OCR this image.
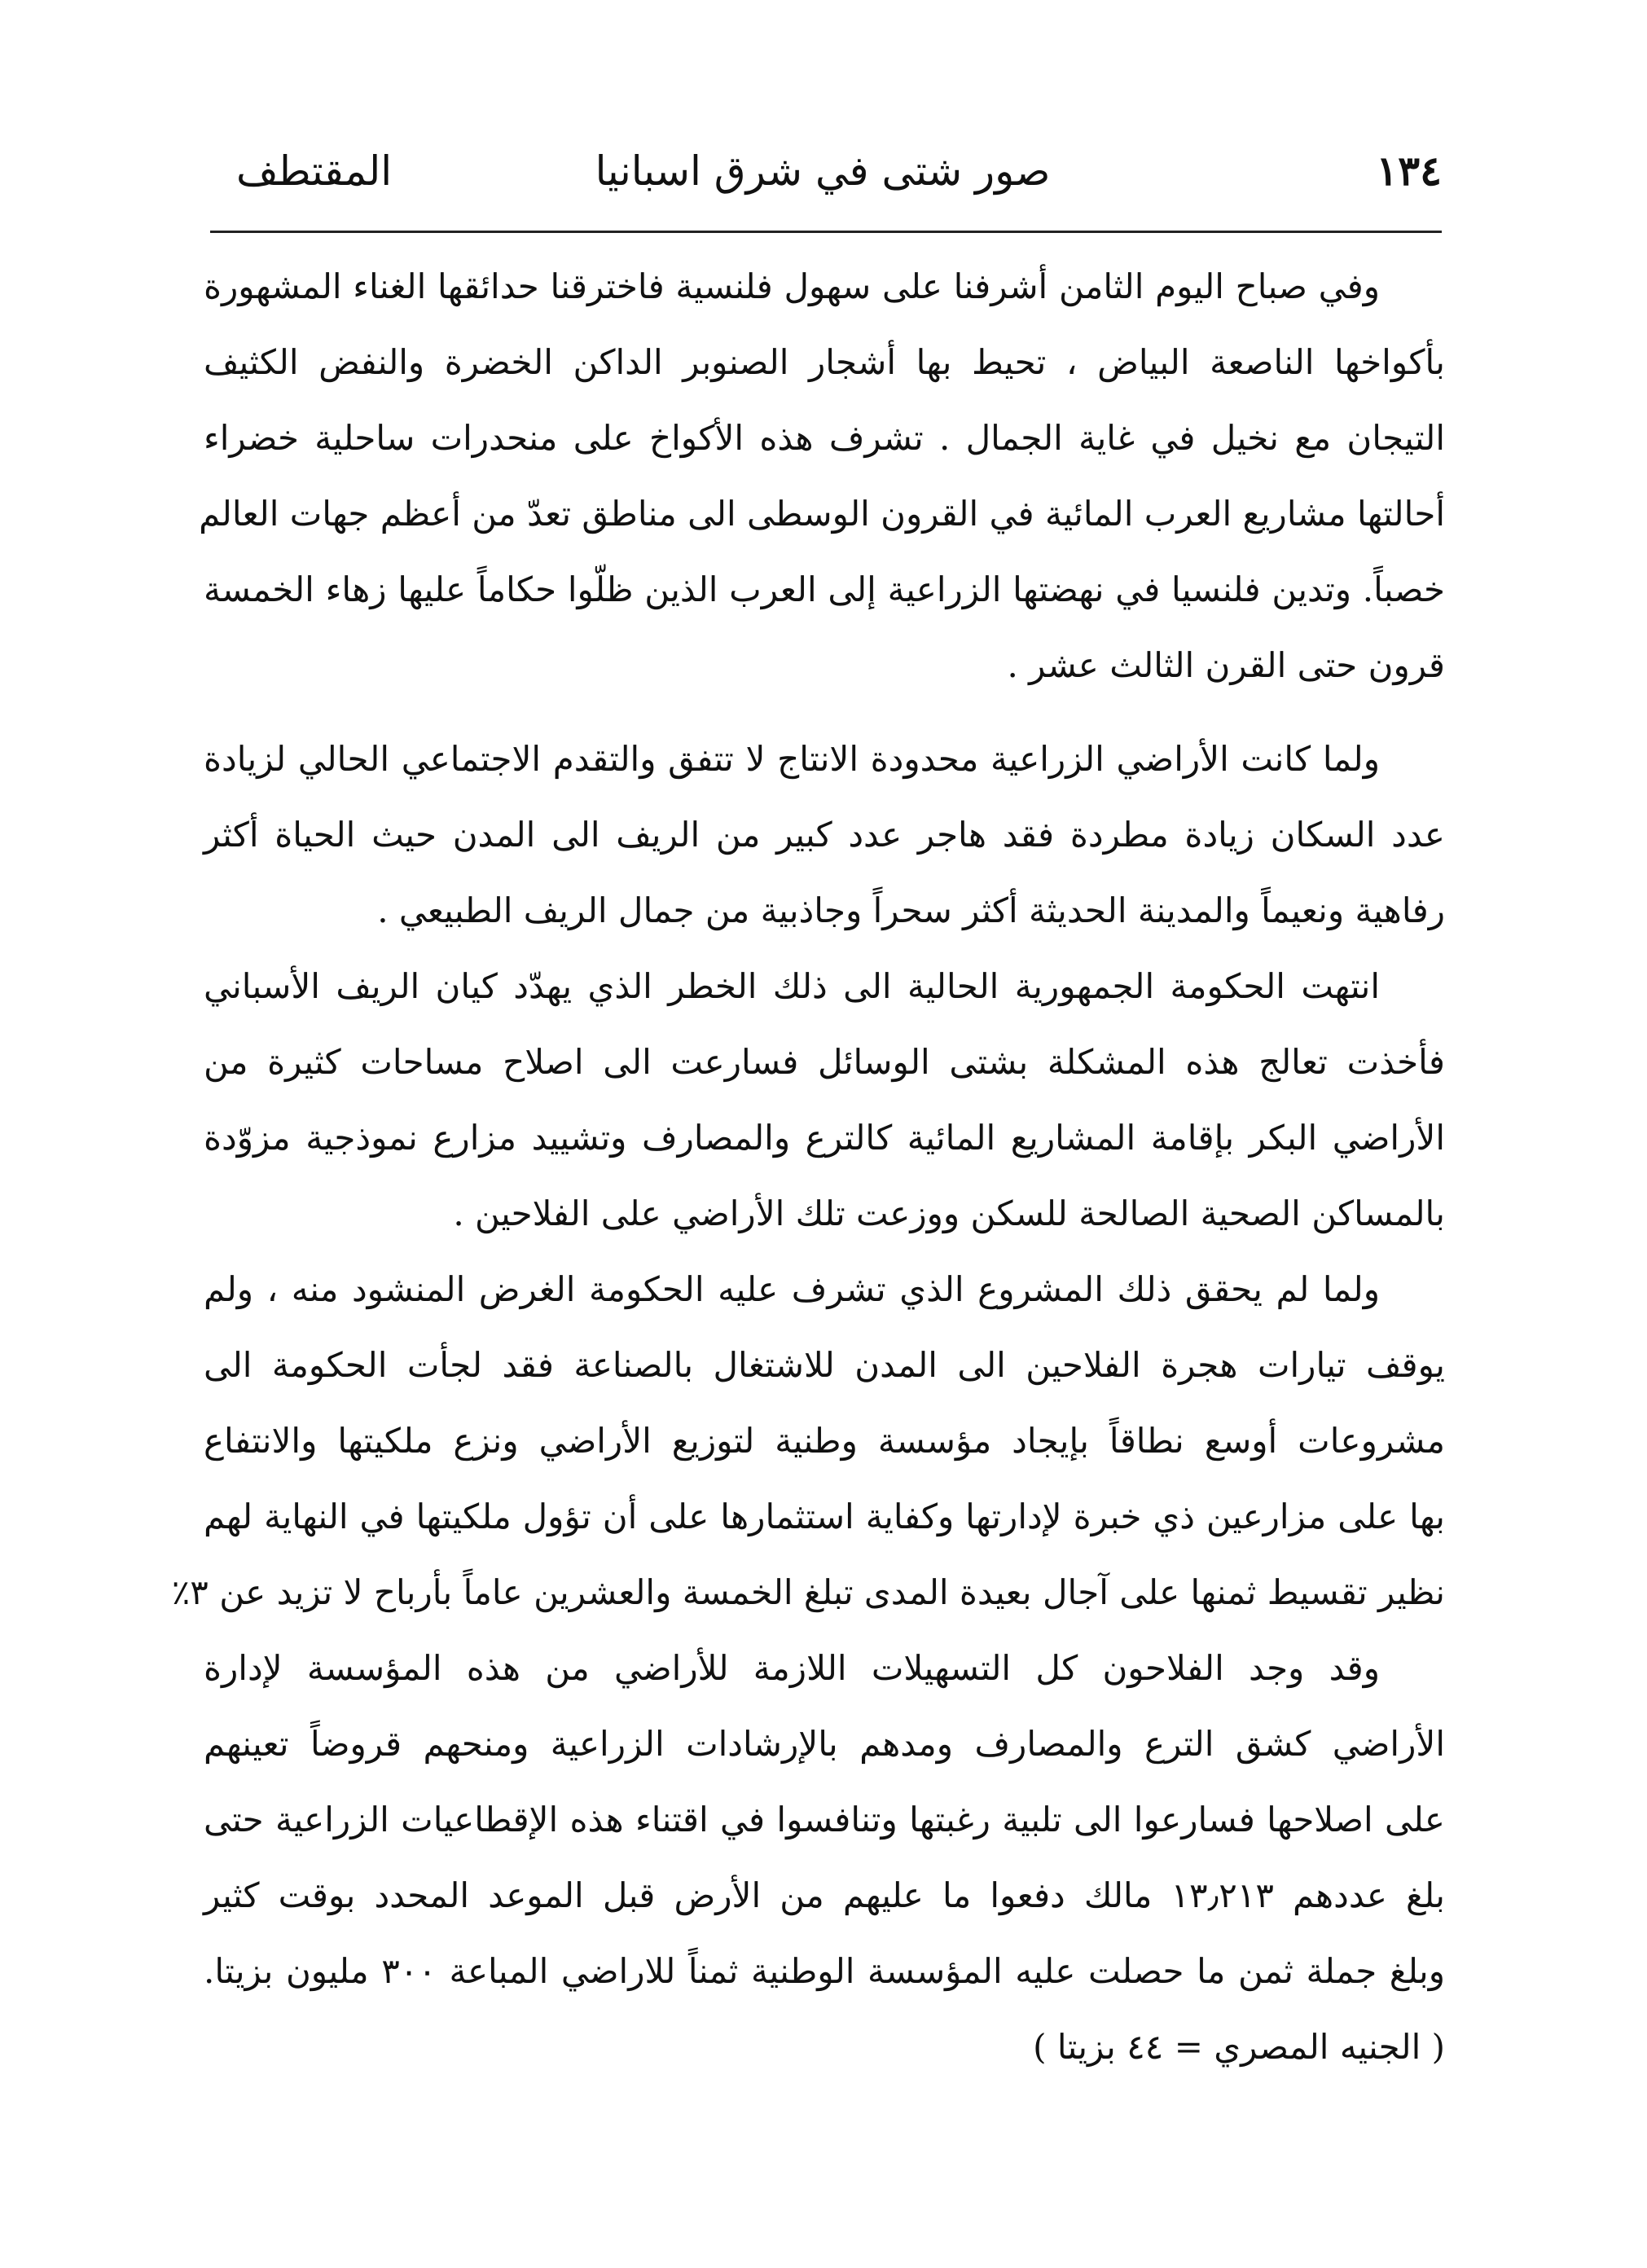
١٣٤
صور شتى في شرق اسبانيا
المقتطف
وفي صباح اليوم الثامن أشرفنا على سهول فلنسية فاخترقنا حدائقها الغناء المشهورة
بأكواخها الناصعة البياض ، تحيط بها أشجار الصنوبر الداكن الخضرة والنفض الكثيف
التيجان مع نخيل في غاية الجمال . تشرف هذه الأكواخ على منحدرات ساحلية خضراء
أحالتها مشاريع العرب المائية في القرون الوسطى الى مناطق تعدّ من أعظم جهات العالم
خصباً. وتدين فلنسيا في نهضتها الزراعية إلى العرب الذين ظلّوا حكاماً عليها زهاء الخمسة
قرون حتى القرن الثالث عشر .
ولما كانت الأراضي الزراعية محدودة الانتاج لا تتفق والتقدم الاجتماعي الحالي لزيادة
عدد السكان زيادة مطردة فقد هاجر عدد كبير من الريف الى المدن حيث الحياة أكثر
رفاهية ونعيماً والمدينة الحديثة أكثر سحراً وجاذبية من جمال الريف الطبيعي .
انتهت الحكومة الجمهورية الحالية الى ذلك الخطر الذي يهدّد كيان الريف الأسباني
فأخذت تعالج هذه المشكلة بشتى الوسائل فسارعت الى اصلاح مساحات كثيرة من
الأراضي البكر بإقامة المشاريع المائية كالترع والمصارف وتشييد مزارع نموذجية مزوّدة
بالمساكن الصحية الصالحة للسكن ووزعت تلك الأراضي على الفلاحين .
ولما لم يحقق ذلك المشروع الذي تشرف عليه الحكومة الغرض المنشود منه ، ولم
يوقف تيارات هجرة الفلاحين الى المدن للاشتغال بالصناعة فقد لجأت الحكومة الى
مشروعات أوسع نطاقاً بإيجاد مؤسسة وطنية لتوزيع الأراضي ونزع ملكيتها والانتفاع
بها على مزارعين ذي خبرة لإدارتها وكفاية استثمارها على أن تؤول ملكيتها في النهاية لهم
نظير تقسيط ثمنها على آجال بعيدة المدى تبلغ الخمسة والعشرين عاماً بأرباح لا تزيد عن ٣٪
وقد وجد الفلاحون كل التسهيلات اللازمة للأراضي من هذه المؤسسة لإدارة
الأراضي كشق الترع والمصارف ومدهم بالإرشادات الزراعية ومنحهم قروضاً تعينهم
على اصلاحها فسارعوا الى تلبية رغبتها وتنافسوا في اقتناء هذه الإقطاعيات الزراعية حتى
بلغ عددهم ١٣٫٢١٣ مالك دفعوا ما عليهم من الأرض قبل الموعد المحدد بوقت كثير
وبلغ جملة ثمن ما حصلت عليه المؤسسة الوطنية ثمناً للاراضي المباعة ٣٠٠ مليون بزيتا.
( الجنيه المصري = ٤٤ بزيتا )
